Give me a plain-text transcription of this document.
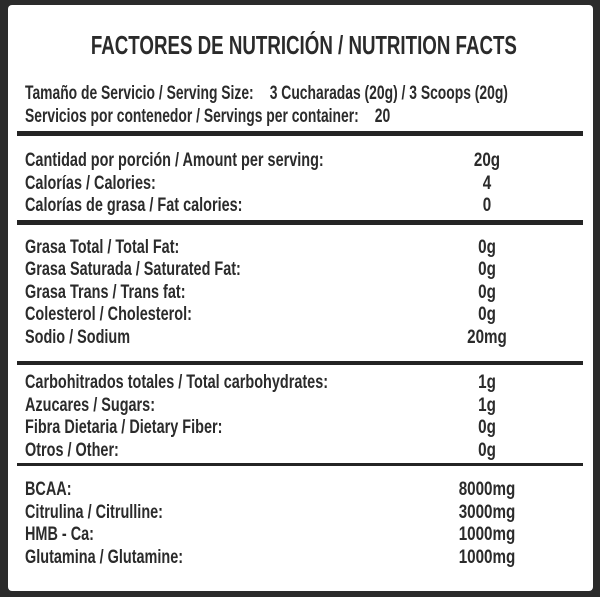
FACTORES DE NUTRICIÓN / NUTRITION FACTS
Tamaño de Servicio / Serving Size: 3 Cucharadas (20g) / 3 Scoops (20g)
Servicios por contenedor / Servings per container: 20
Cantidad por porción / Amount per serving:	20g
Calorías / Calories:	4
Calorías de grasa / Fat calories:	0
Grasa Total / Total Fat:	0g
Grasa Saturada / Saturated Fat:	0g
Grasa Trans / Trans fat:	0g
Colesterol / Cholesterol:	0g
Sodio / Sodium	20mg
Carbohitrados totales / Total carbohydrates:	1g
Azucares / Sugars:	1g
Fibra Dietaria / Dietary Fiber:	0g
Otros / Other:	0g
BCAA:	8000mg
Citrulina / Citrulline:	3000mg
HMB - Ca:	1000mg
Glutamina / Glutamine:	1000mg
